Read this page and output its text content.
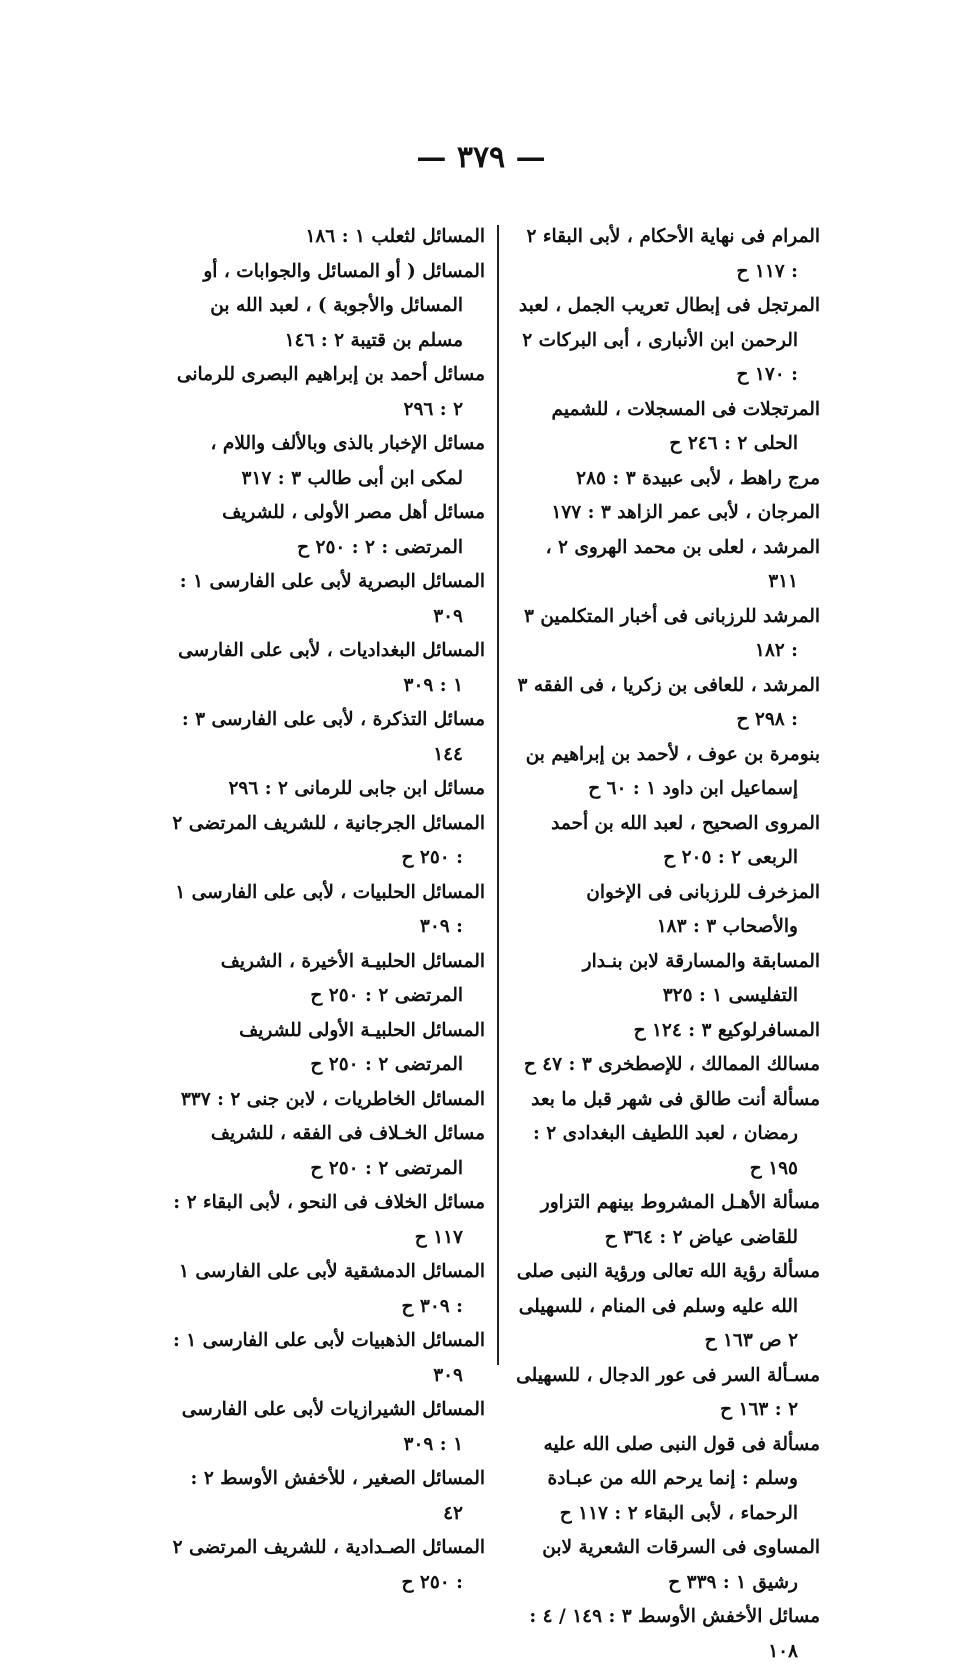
— ٣٧٩ —
المرام فى نهاية الأحكام ، لأبى البقاء ٢ : ١١٧ ح
المرتجل فى إبطال تعريب الجمل ، لعبد الرحمن ابن الأنبارى ، أبى البركات ٢ : ١٧٠ ح
المرتجلات فى المسجلات ، للشميم الحلى ٢ : ٢٤٦ ح
مرج راهط ، لأبى عبيدة ٣ : ٢٨٥
المرجان ، لأبى عمر الزاهد ٣ : ١٧٧
المرشد ، لعلى بن محمد الهروى ٢ ، ٣١١
المرشد للرزبانى فى أخبار المتكلمين ٣ : ١٨٢
المرشد ، للعافى بن زكريا ، فى الفقه ٣ : ٢٩٨ ح
بنومرة بن عوف ، لأحمد بن إبراهيم بن إسماعيل ابن داود ١ : ٦٠ ح
المروى الصحيح ، لعبد الله بن أحمد الربعى ٢ : ٢٠٥ ح
المزخرف للرزبانى فى الإخوان والأصحاب ٣ : ١٨٣
المسابقة والمسارقة لابن بنـدار التفليسى ١ : ٣٢٥
المسافرلوكيع ٣ : ١٢٤ ح
مسالك الممالك ، للإصطخرى ٣ : ٤٧ ح
مسألة أنت طالق فى شهر قبل ما بعد رمضان ، لعبد اللطيف البغدادى ٢ : ١٩٥ ح
مسألة الأهـل المشروط بينهم التزاور للقاضى عياض ٢ : ٣٦٤ ح
مسألة رؤية الله تعالى ورؤية النبى صلى الله عليه وسلم فى المنام ، للسهيلى ٢ ص ١٦٣ ح
مسـألة السر فى عور الدجال ، للسهيلى ٢ : ١٦٣ ح
مسألة فى قول النبى صلى الله عليه وسلم : إنما يرحم الله من عبـادة الرحماء ، لأبى البقاء ٢ : ١١٧ ح
المساوى فى السرقات الشعرية لابن رشيق ١ : ٣٣٩ ح
مسائل الأخفش الأوسط ٣ : ١٤٩ / ٤ : ١٠٨
المسائل لثعلب ١ : ١٨٦
المسائل ( أو المسائل والجوابات ، أو المسائل والأجوبة ) ، لعبد الله بن مسلم بن قتيبة ٢ : ١٤٦
مسائل أحمد بن إبراهيم البصرى للرمانى ٢ : ٢٩٦
مسائل الإخبار بالذى وبالألف واللام ، لمكى ابن أبى طالب ٣ : ٣١٧
مسائل أهل مصر الأولى ، للشريف المرتضى : ٢ : ٢٥٠ ح
المسائل البصرية لأبى على الفارسى ١ : ٣٠٩
المسائل البغداديات ، لأبى على الفارسى ١ : ٣٠٩
مسائل التذكرة ، لأبى على الفارسى ٣ : ١٤٤
مسائل ابن جابى للرمانى ٢ : ٢٩٦
المسائل الجرجانية ، للشريف المرتضى ٢ : ٢٥٠ ح
المسائل الحلبيات ، لأبى على الفارسى ١ : ٣٠٩
المسائل الحلبيـة الأخيرة ، الشريف المرتضى ٢ : ٢٥٠ ح
المسائل الحلبيـة الأولى للشريف المرتضى ٢ : ٢٥٠ ح
المسائل الخاطريات ، لابن جنى ٢ : ٣٣٧
مسائل الخـلاف فى الفقه ، للشريف المرتضى ٢ : ٢٥٠ ح
مسائل الخلاف فى النحو ، لأبى البقاء ٢ : ١١٧ ح
المسائل الدمشقية لأبى على الفارسى ١ : ٣٠٩ ح
المسائل الذهبيات لأبى على الفارسى ١ : ٣٠٩
المسائل الشيرازيات لأبى على الفارسى ١ : ٣٠٩
المسائل الصغير ، للأخفش الأوسط ٢ : ٤٢
المسائل الصـدادية ، للشريف المرتضى ٢ : ٢٥٠ ح
